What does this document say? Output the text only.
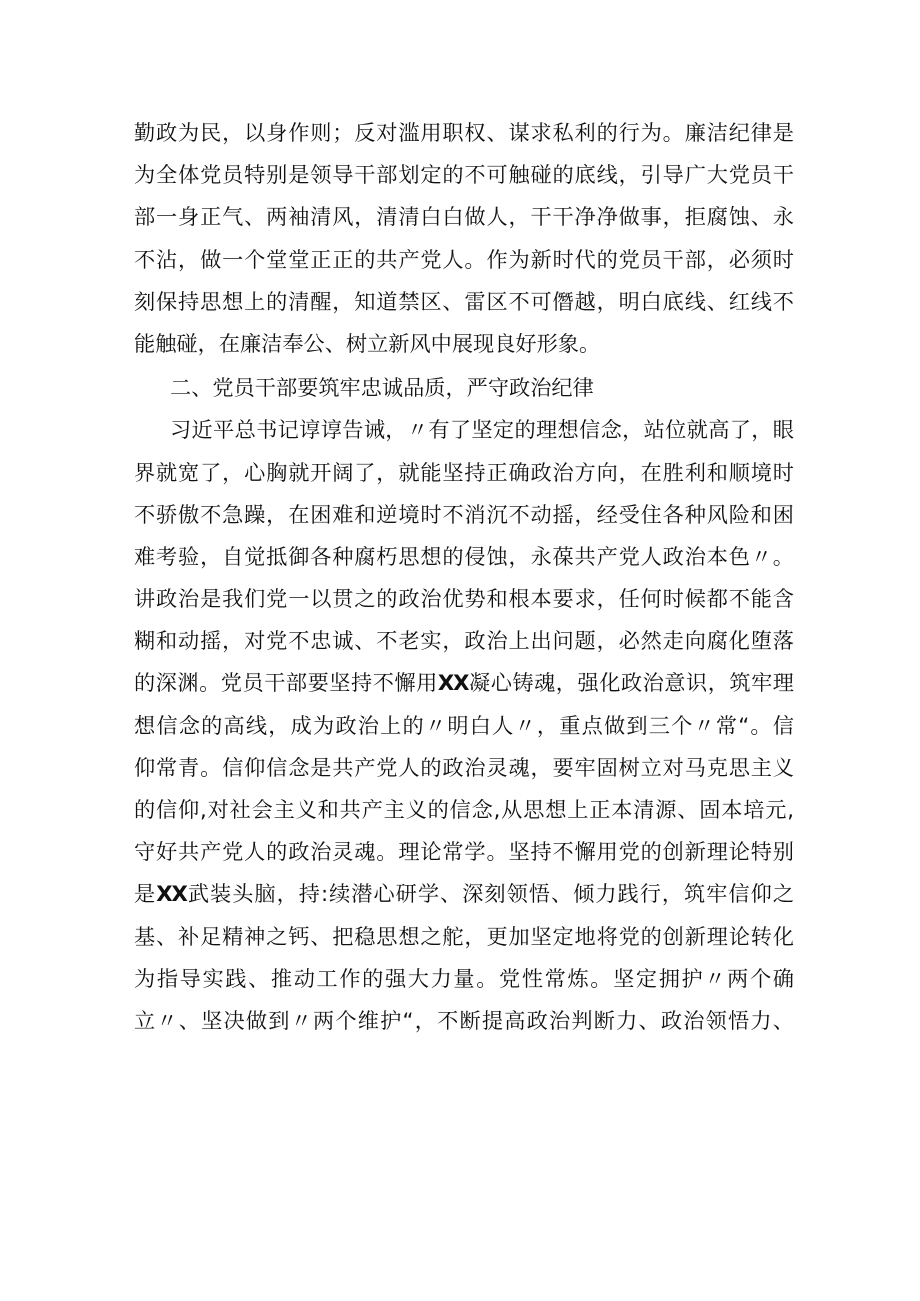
勤政为民，以身作则；反对滥用职权、谋求私利的行为。廉洁纪律是
为全体党员特别是领导干部划定的不可触碰的底线，引导广大党员干
部一身正气、两袖清风，清清白白做人，干干净净做事，拒腐蚀、永
不沾，做一个堂堂正正的共产党人。作为新时代的党员干部，必须时
刻保持思想上的清醒，知道禁区、雷区不可僭越，明白底线、红线不
能触碰，在廉洁奉公、树立新风中展现良好形象。
二、党员干部要筑牢忠诚品质，严守政治纪律
习近平总书记谆谆告诫，〃有了坚定的理想信念，站位就高了，眼
界就宽了，心胸就开阔了，就能坚持正确政治方向，在胜利和顺境时
不骄傲不急躁，在困难和逆境时不消沉不动摇，经受住各种风险和困
难考验，自觉抵御各种腐朽思想的侵蚀，永葆共产党人政治本色〃。
讲政治是我们党一以贯之的政治优势和根本要求，任何时候都不能含
糊和动摇，对党不忠诚、不老实，政治上出问题，必然走向腐化堕落
的深渊。党员干部要坚持不懈用XX凝心铸魂，强化政治意识，筑牢理
想信念的高线，成为政治上的〃明白人〃，重点做到三个〃常“。信
仰常青。信仰信念是共产党人的政治灵魂，要牢固树立对马克思主义
的信仰,对社会主义和共产主义的信念,从思想上正本清源、固本培元,
守好共产党人的政治灵魂。理论常学。坚持不懈用党的创新理论特别
是XX武装头脑，持:续潜心研学、深刻领悟、倾力践行，筑牢信仰之
基、补足精神之钙、把稳思想之舵，更加坚定地将党的创新理论转化
为指导实践、推动工作的强大力量。党性常炼。坚定拥护〃两个确
立〃、坚决做到〃两个维护“，不断提高政治判断力、政治领悟力、
